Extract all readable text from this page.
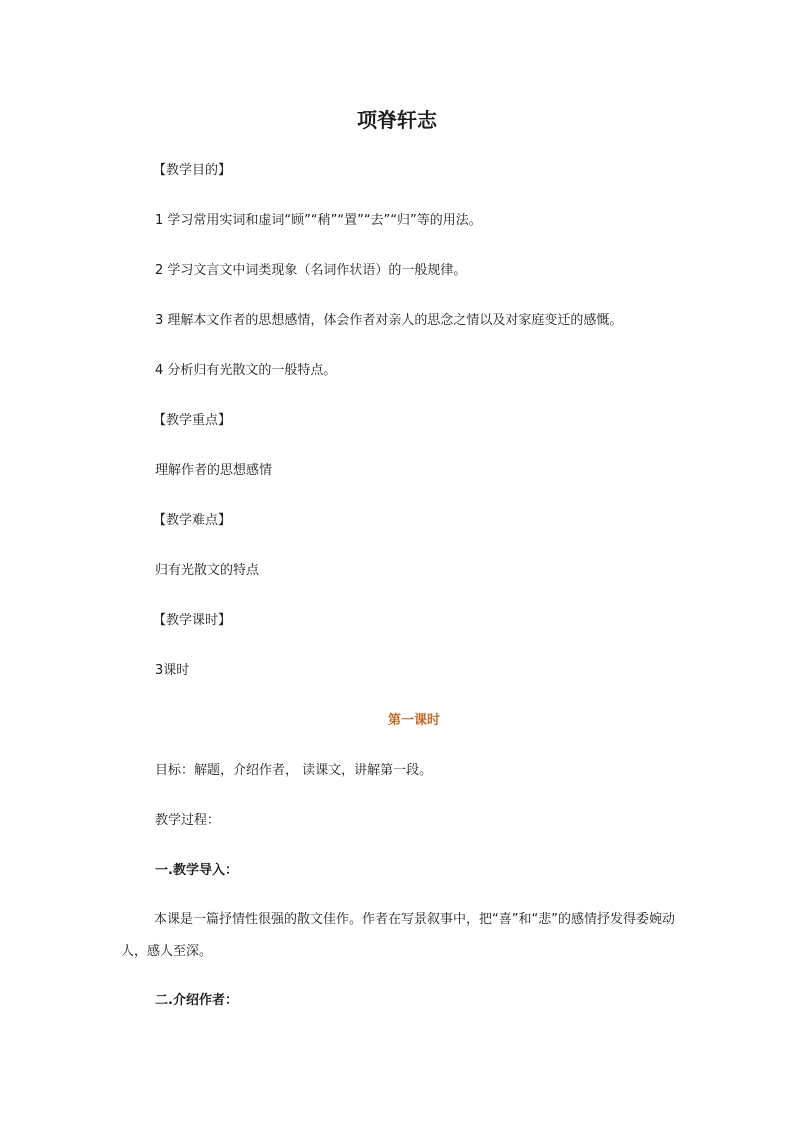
项脊轩志
【教学目的】
1 学习常用实词和虚词“顾”“稍”“置”“去”“归”等的用法。
2 学习文言文中词类现象（名词作状语）的一般规律。
3 理解本文作者的思想感情，体会作者对亲人的思念之情以及对家庭变迁的感慨。
4 分析归有光散文的一般特点。
【教学重点】
理解作者的思想感情
【教学难点】
归有光散文的特点
【教学课时】
3课时
第一课时
目标：解题，介绍作者， 读课文，讲解第一段。
教学过程：
一.教学导入：
本课是一篇抒情性很强的散文佳作。作者在写景叙事中，把“喜”和“悲”的感情抒发得委婉动人，感人至深。
二.介绍作者：
